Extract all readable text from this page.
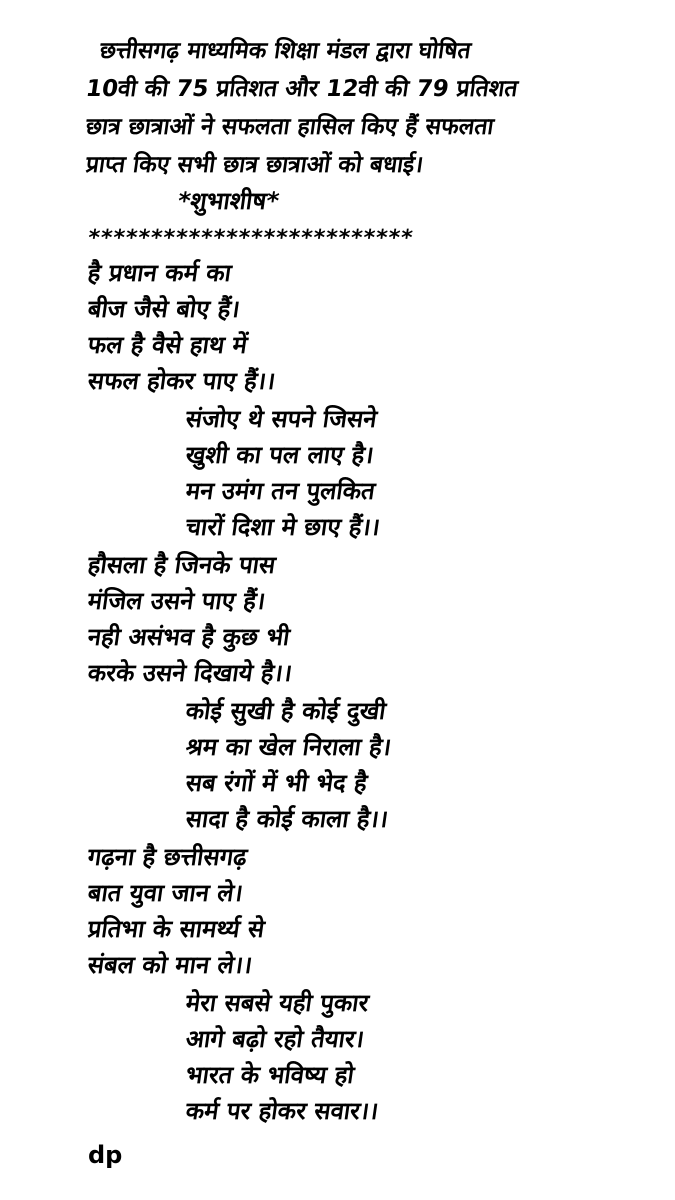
छत्तीसगढ़ माध्यमिक शिक्षा मंडल द्वारा घोषित
10वी की 75 प्रतिशत और 12वी की 79 प्रतिशत
छात्र छात्राओं ने सफलता हासिल किए हैं सफलता
प्राप्त किए सभी छात्र छात्राओं को बधाई।
*शुभाशीष*
**************************
है प्रधान कर्म का
बीज जैसे बोए हैं।
फल है वैसे हाथ में
सफल होकर पाए हैं।।
संजोए थे सपने जिसने
खुशी का पल लाए है।
मन उमंग तन पुलकित
चारों दिशा मे छाए हैं।।
हौसला है जिनके पास
मंजिल उसने पाए हैं।
नही असंभव है कुछ भी
करके उसने दिखाये है।।
कोई सुखी है कोई दुखी
श्रम का खेल निराला है।
सब रंगों में भी भेद है
सादा है कोई काला है।।
गढ़ना है छत्तीसगढ़
बात युवा जान ले।
प्रतिभा के सामर्थ्य से
संबल को मान ले।।
मेरा सबसे यही पुकार
आगे बढ़ो रहो तैयार।
भारत के भविष्य हो
कर्म पर होकर सवार।।
dp
